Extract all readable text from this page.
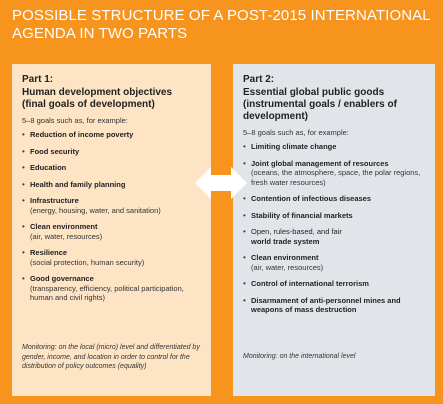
POSSIBLE STRUCTURE OF A POST-2015 INTERNATIONAL
AGENDA IN TWO PARTS
Part 1:
Human development objectives
(final goals of development)
5–8 goals such as, for example:
• Reduction of income poverty
• Food security
• Education
• Health and family planning
• Infrastructure
(energy, housing, water, and sanitation)
• Clean environment
(air, water, resources)
• Resilience
(social protection, human security)
• Good governance
(transparency, efficiency, political participation, human and civil rights)
Monitoring: on the local (micro) level and differentiated by gender, income, and location in order to control for the distribution of policy outcomes (equality)
Part 2:
Essential global public goods
(instrumental goals / enablers of
development)
5–8 goals such as, for example:
• Limiting climate change
• Joint global management of resources
(oceans, the atmosphere, space, the polar regions, fresh water resources)
• Contention of infectious diseases
• Stability of financial markets
• Open, rules-based, and fair
world trade system
• Clean environment
(air, water, resources)
• Control of international terrorism
• Disarmament of anti-personnel mines and weapons of mass destruction
Monitoring: on the international level
